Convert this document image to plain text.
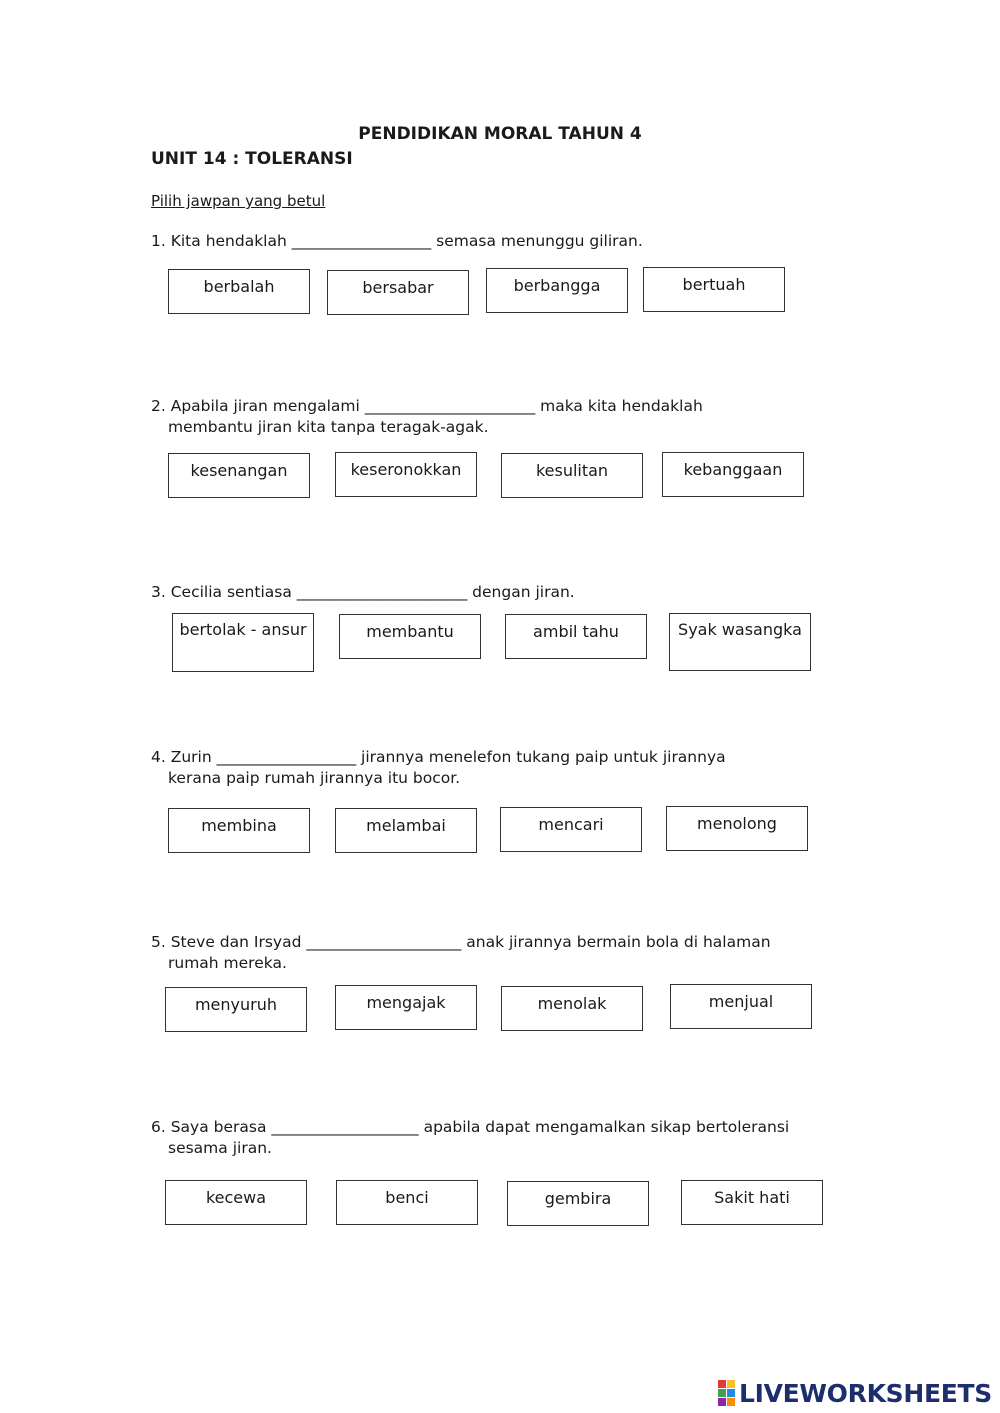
PENDIDIKAN MORAL TAHUN 4
UNIT 14 : TOLERANSI
Pilih jawpan yang betul
1. Kita hendaklah __________________ semasa menunggu giliran.
berbalah	bersabar	berbangga	bertuah
2. Apabila jiran mengalami ______________________ maka kita hendaklah
membantu jiran kita tanpa teragak-agak.
kesenangan	keseronokkan	kesulitan	kebanggaan
3. Cecilia sentiasa ______________________ dengan jiran.
bertolak - ansur	membantu	ambil tahu	Syak wasangka
4. Zurin __________________ jirannya menelefon tukang paip untuk jirannya
kerana paip rumah jirannya itu bocor.
membina	melambai	mencari	menolong
5. Steve dan Irsyad ____________________ anak jirannya bermain bola di halaman
rumah mereka.
menyuruh	mengajak	menolak	menjual
6. Saya berasa ___________________ apabila dapat mengamalkan sikap bertoleransi
sesama jiran.
kecewa	benci	gembira	Sakit hati
LIVEWORKSHEETS
